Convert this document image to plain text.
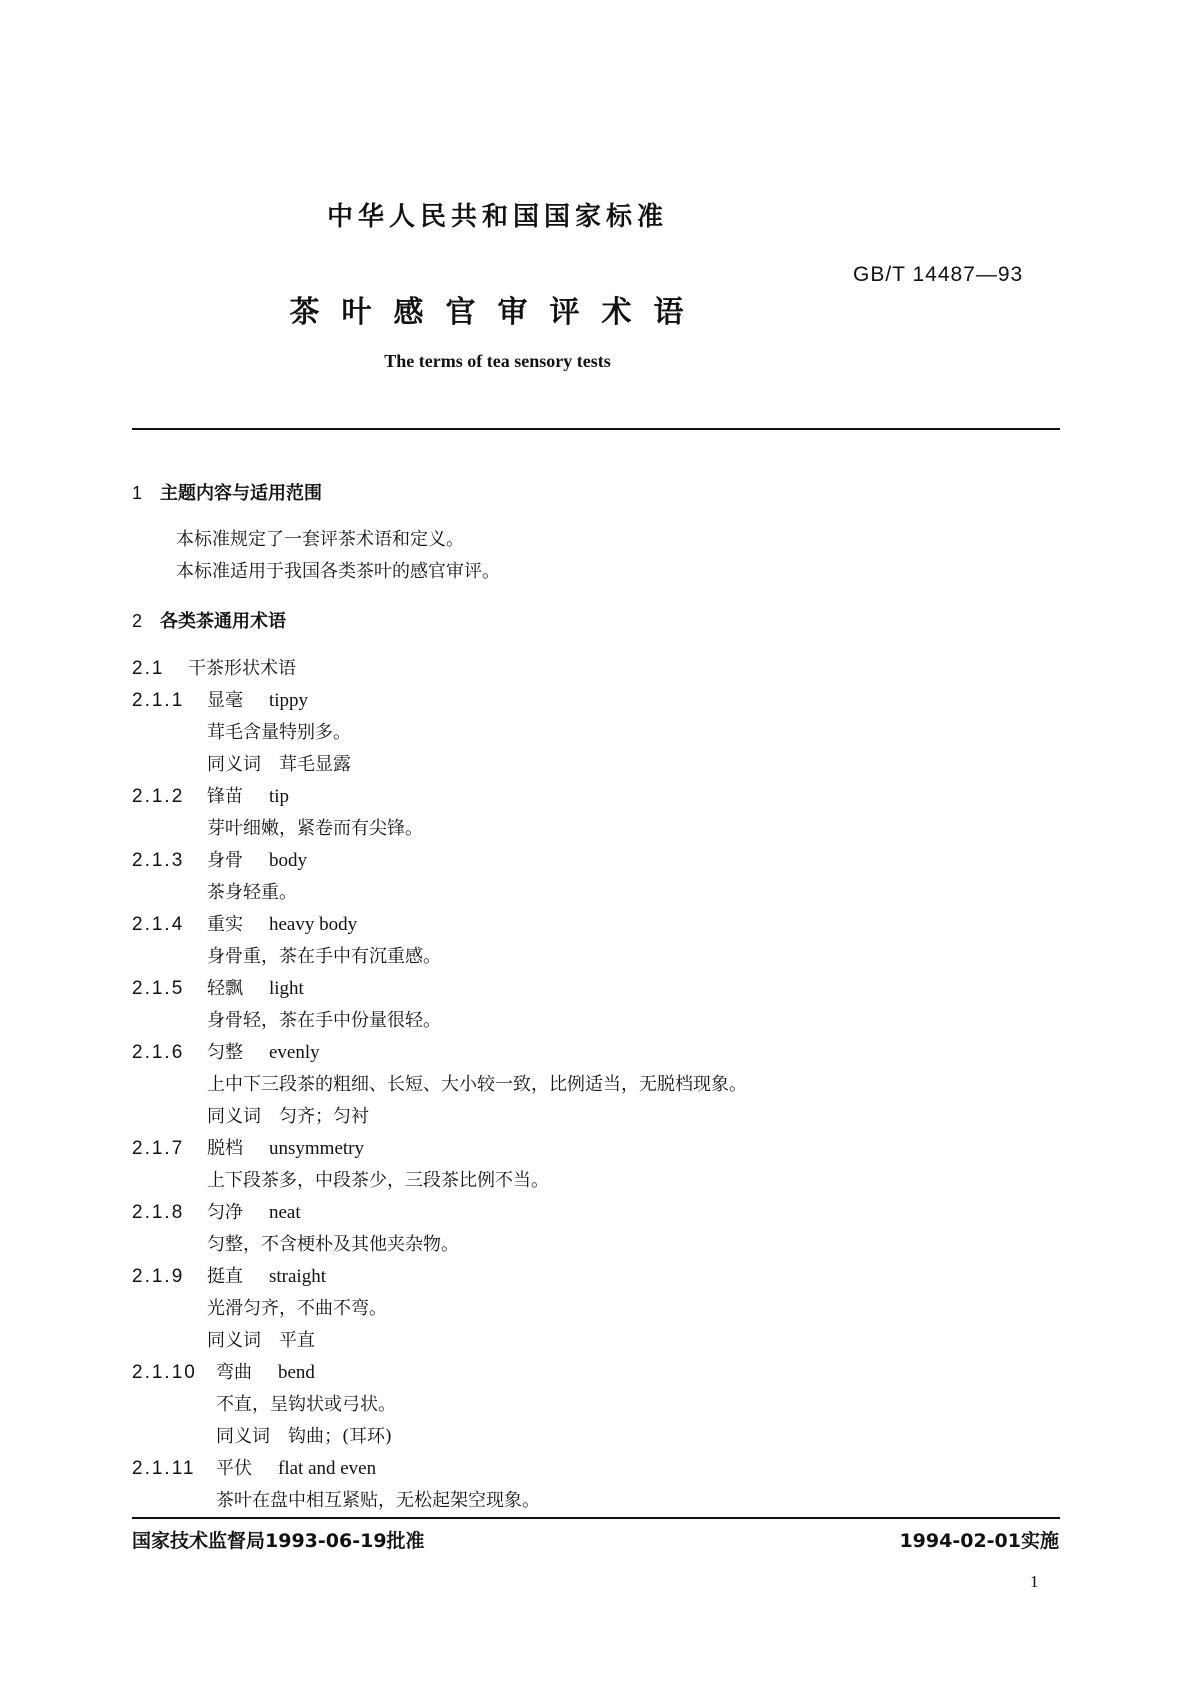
中华人民共和国国家标准
GB/T 14487—93
茶叶感官审评术语
The terms of tea sensory tests
1 主题内容与适用范围
本标准规定了一套评茶术语和定义。
本标准适用于我国各类茶叶的感官审评。
2 各类茶通用术语
2.1 干茶形状术语
2.1.1 显毫 tippy
茸毛含量特别多。
同义词　茸毛显露
2.1.2 锋苗 tip
芽叶细嫩，紧卷而有尖锋。
2.1.3 身骨 body
茶身轻重。
2.1.4 重实 heavy body
身骨重，茶在手中有沉重感。
2.1.5 轻飘 light
身骨轻，茶在手中份量很轻。
2.1.6 匀整 evenly
上中下三段茶的粗细、长短、大小较一致，比例适当，无脱档现象。
同义词　匀齐；匀衬
2.1.7 脱档 unsymmetry
上下段茶多，中段茶少，三段茶比例不当。
2.1.8 匀净 neat
匀整，不含梗朴及其他夹杂物。
2.1.9 挺直 straight
光滑匀齐，不曲不弯。
同义词　平直
2.1.10 弯曲 bend
不直，呈钩状或弓状。
同义词　钩曲；(耳环)
2.1.11 平伏 flat and even
茶叶在盘中相互紧贴，无松起架空现象。
国家技术监督局1993-06-19批准	1994-02-01实施
1
